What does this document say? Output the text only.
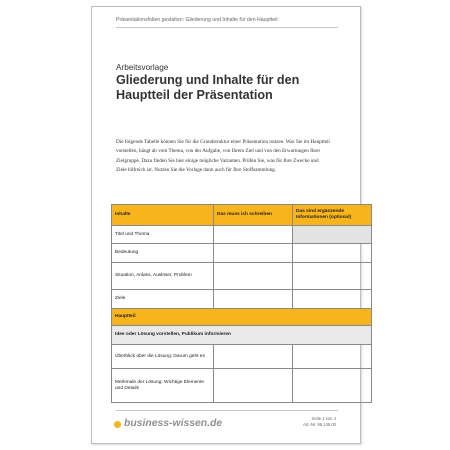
Präsentationsfolien gestalten: Gliederung und Inhalte für den Hauptteil
Arbeitsvorlage
Gliederung und Inhalte für den Hauptteil der Präsentation
Die folgende Tabelle können Sie für die Grundstruktur einer Präsentation nutzen. Was Sie im Hauptteil vorstellen, hängt ab vom Thema, von der Aufgabe, von Ihrem Ziel und von den Erwartungen Ihrer Zielgruppe. Dazu finden Sie hier einige mögliche Varianten. Prüfen Sie, was für Ihre Zwecke und Ziele hilfreich ist. Nutzen Sie die Vorlage dann auch für Ihre Stoffsammlung.
Inhalte	Das muss ich schreiben	Das sind ergänzende Informationen (optional)
Titel und Thema		
Bedeutung		
Situation, Anlass, Auslöser, Problem		
Ziele		
Hauptteil		
Idee oder Lösung vorstellen, Publikum informieren		
Überblick über die Lösung: Darum geht es		
Merkmale der Lösung: Wichtige Elemente und Details		
business-wissen.de	Seite 1 von 4
Art.-Nr. 99.145.00
